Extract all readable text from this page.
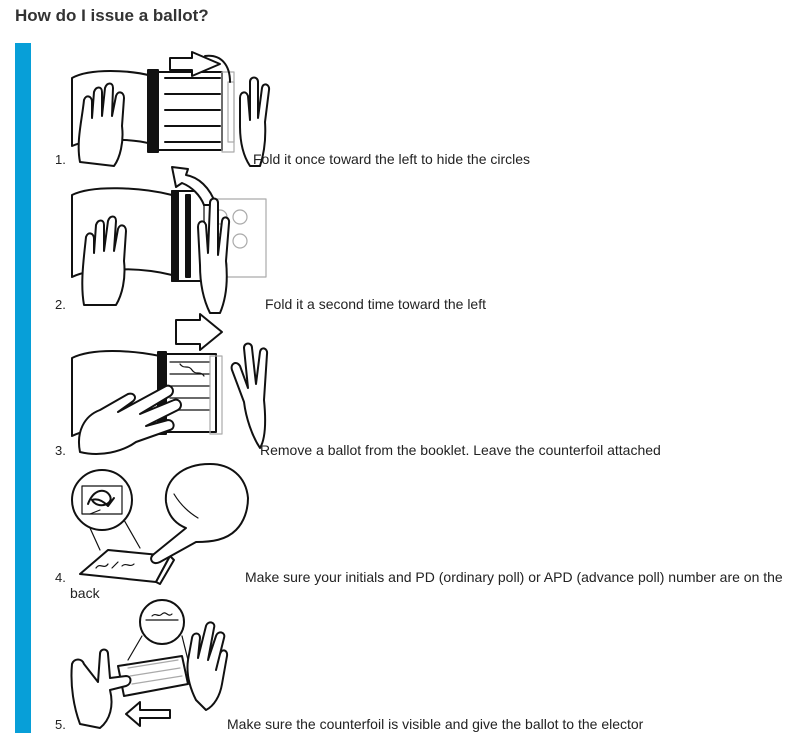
How do I issue a ballot?
1.	Fold it once toward the left to hide the circles
2.	Fold it a second time toward the left
3.	Remove a ballot from the booklet. Leave the counterfoil attached
4.	Make sure your initials and PD (ordinary poll) or APD (advance poll) number are on the
back
5.	Make sure the counterfoil is visible and give the ballot to the elector
